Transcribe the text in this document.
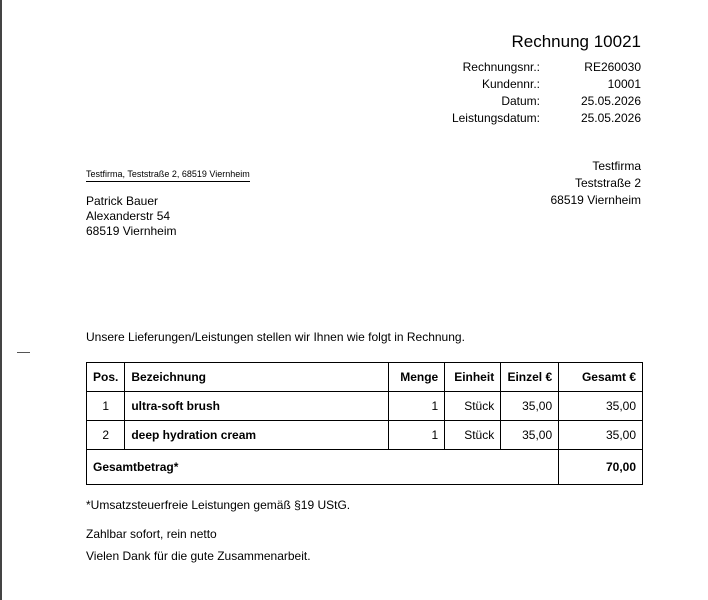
Rechnung 10021
Rechnungsnr.:	RE260030
Kundennr.:	10001
Datum:	25.05.2026
Leistungsdatum:	25.05.2026
Testfirma, Teststraße 2, 68519 Viernheim
Patrick Bauer
Alexanderstr 54
68519 Viernheim
Testfirma
Teststraße 2
68519 Viernheim
Unsere Lieferungen/Leistungen stellen wir Ihnen wie folgt in Rechnung.
Pos.	Bezeichnung	Menge	Einheit	Einzel €	Gesamt €
1	ultra-soft brush	1	Stück	35,00	35,00
2	deep hydration cream	1	Stück	35,00	35,00
Gesamtbetrag*					70,00
*Umsatzsteuerfreie Leistungen gemäß §19 UStG.
Zahlbar sofort, rein netto
Vielen Dank für die gute Zusammenarbeit.
